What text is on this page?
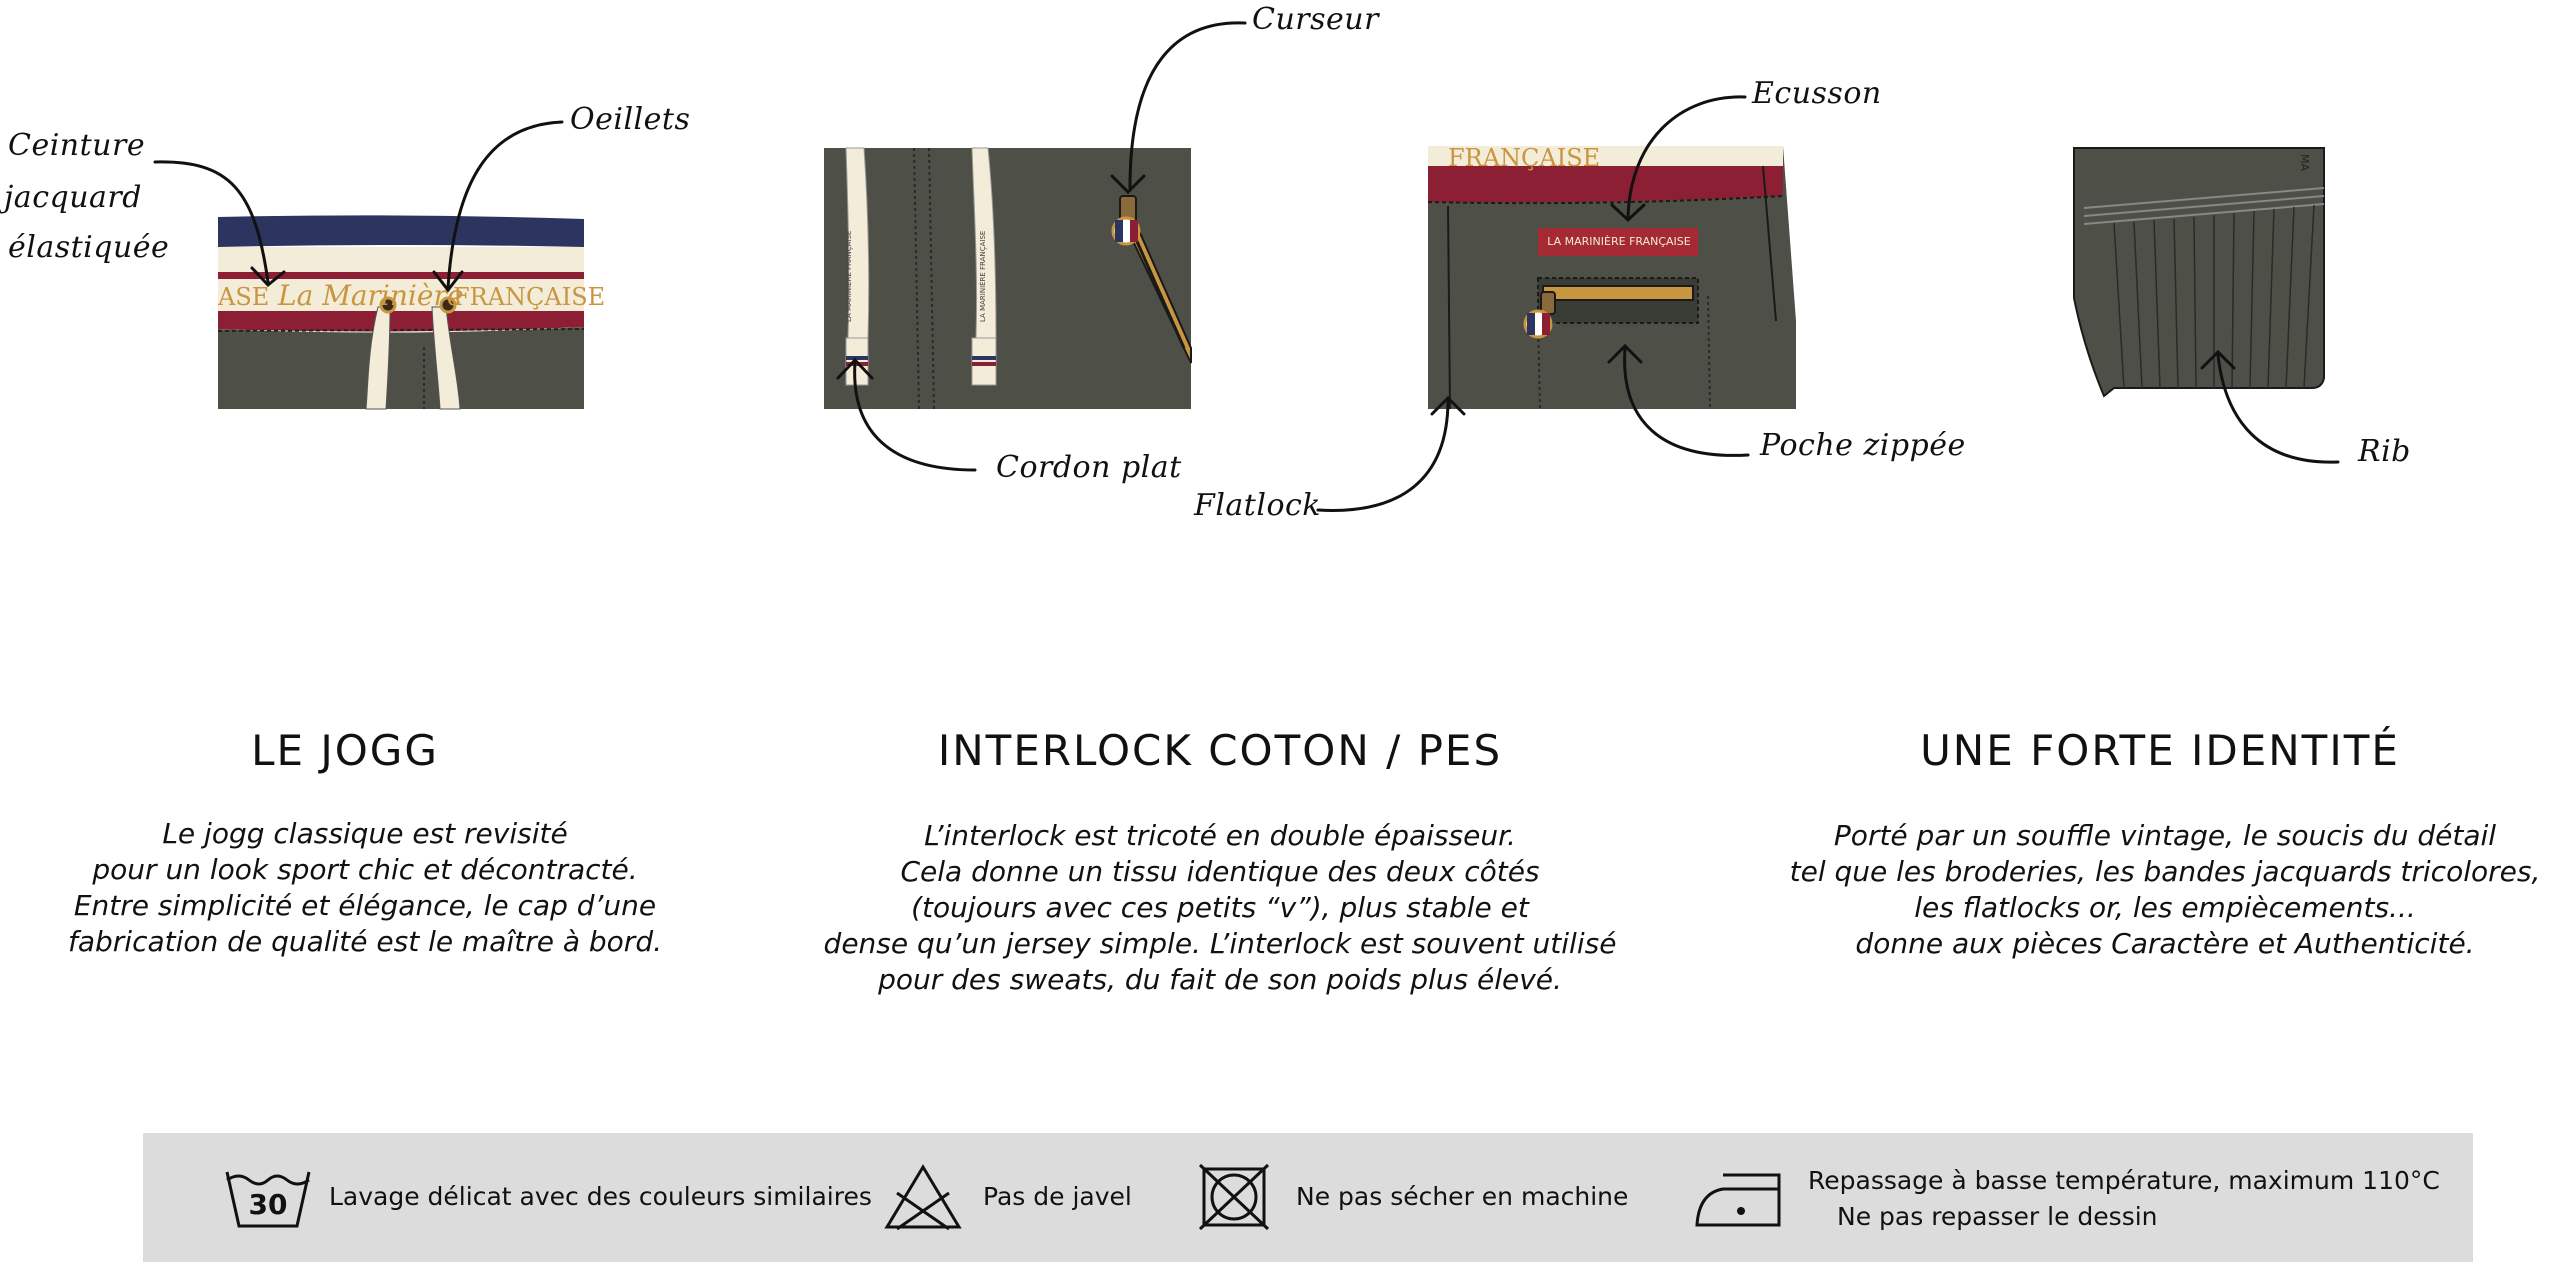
La Marinière
FRANÇAISE
ASE	LA MARINIÈRE FRANÇAISE	LA MARINIÈRE FRANÇAISE	LA MARINIÈRE FRANÇAISE
FRANÇAISE	MA
Ceinture
jacquard
élastiquée
Oeillets
Curseur
Cordon plat
Ecusson
Flatlock
Poche zippée	Rib
LE JOGG
Le jogg classique est revisité
pour un look sport chic et décontracté.
Entre simplicité et élégance, le cap d’une
fabrication de qualité est le maître à bord.
INTERLOCK COTON / PES
L’interlock est tricoté en double épaisseur.
Cela donne un tissu identique des deux côtés
(toujours avec ces petits “v”), plus stable et
dense qu’un jersey simple. L’interlock est souvent utilisé
pour des sweats, du fait de son poids plus élevé.
UNE FORTE IDENTITÉ
Porté par un souffle vintage, le soucis du détail
tel que les broderies, les bandes jacquards tricolores,
les flatlocks or, les empiècements...
donne aux pièces Caractère et Authenticité.
30	Lavage délicat avec des couleurs similaires	Pas de javel	Ne pas sécher en machine
Repassage à basse température, maximum 110°C
Ne pas repasser le dessin
